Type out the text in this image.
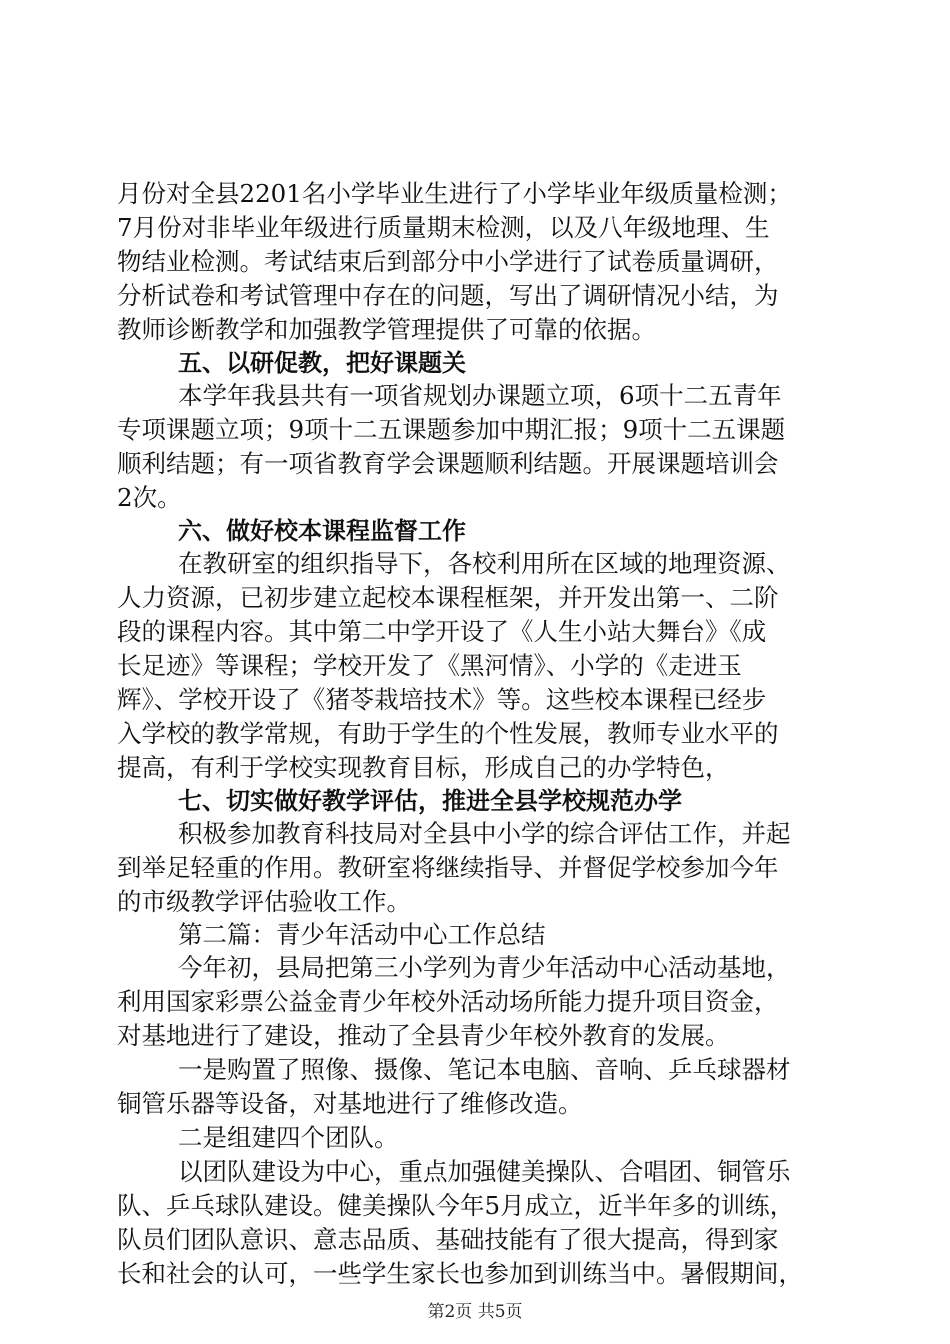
月份对全县2201名小学毕业生进行了小学毕业年级质量检测；
7月份对非毕业年级进行质量期末检测，以及八年级地理、生
物结业检测。考试结束后到部分中小学进行了试卷质量调研，
分析试卷和考试管理中存在的问题，写出了调研情况小结，为
教师诊断教学和加强教学管理提供了可靠的依据。
五、以研促教，把好课题关
本学年我县共有一项省规划办课题立项，6项十二五青年
专项课题立项；9项十二五课题参加中期汇报；9项十二五课题
顺利结题；有一项省教育学会课题顺利结题。开展课题培训会
2次。
六、做好校本课程监督工作
在教研室的组织指导下，各校利用所在区域的地理资源、
人力资源，已初步建立起校本课程框架，并开发出第一、二阶
段的课程内容。其中第二中学开设了《人生小站大舞台》《成
长足迹》等课程；学校开发了《黑河情》、小学的《走进玉
辉》、学校开设了《猪苓栽培技术》等。这些校本课程已经步
入学校的教学常规，有助于学生的个性发展，教师专业水平的
提高，有利于学校实现教育目标，形成自己的办学特色，
七、切实做好教学评估，推进全县学校规范办学
积极参加教育科技局对全县中小学的综合评估工作，并起
到举足轻重的作用。教研室将继续指导、并督促学校参加今年
的市级教学评估验收工作。
第二篇：青少年活动中心工作总结
今年初，县局把第三小学列为青少年活动中心活动基地，
利用国家彩票公益金青少年校外活动场所能力提升项目资金，
对基地进行了建设，推动了全县青少年校外教育的发展。
一是购置了照像、摄像、笔记本电脑、音响、乒乓球器材
铜管乐器等设备，对基地进行了维修改造。
二是组建四个团队。
以团队建设为中心，重点加强健美操队、合唱团、铜管乐
队、乒乓球队建设。健美操队今年5月成立，近半年多的训练，
队员们团队意识、意志品质、基础技能有了很大提高，得到家
长和社会的认可，一些学生家长也参加到训练当中。暑假期间，
第2页 共5页
